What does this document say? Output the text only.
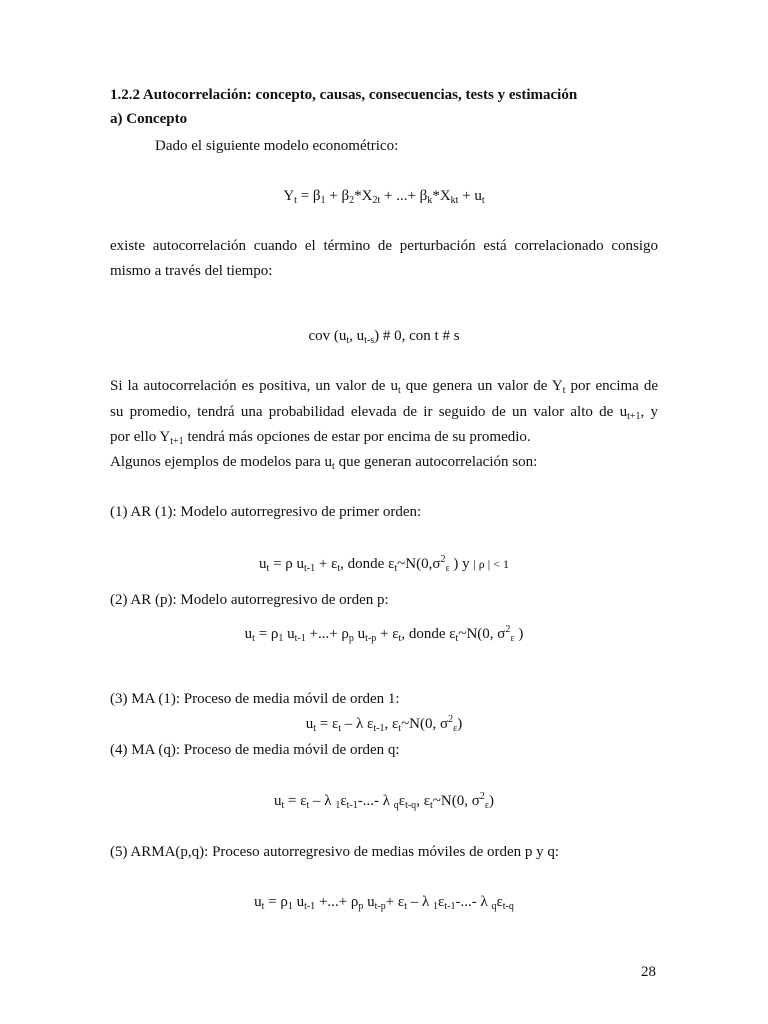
1.2.2 Autocorrelación: concepto, causas, consecuencias, tests y estimación
a) Concepto
Dado el siguiente modelo econométrico:
$Y_t = \beta_1 + \beta_2*X_{2t}$ + ...+ $\beta_k*X_{kt} + u_t$
existe autocorrelación cuando el término de perturbación está correlacionado consigo
mismo a través del tiempo:
cov ($u_t$, $u_{t-s}$) # 0, con t # s
Si la autocorrelación es positiva, un valor de $u_t$ que genera un valor de $Y_t$ por encima de
su promedio, tendrá una probabilidad elevada de ir seguido de un valor alto de $u_{t+1}$, y
por ello $Y_{t+1}$ tendrá más opciones de estar por encima de su promedio.
Algunos ejemplos de modelos para $u_t$ que generan autocorrelación son:
(1) AR (1): Modelo autorregresivo de primer orden:
$u_t = \rho$ $u_{t-1} + \varepsilon_t$, donde $\varepsilon_t\sim N(0,\sigma^2_\varepsilon$ ) y | ρ | < 1
(2) AR (p): Modelo autorregresivo de orden p:
$u_t = \rho_1$ $u_{t-1}$ +...+ $\rho_p$ $u_{t-p} + \varepsilon_t$, donde $\varepsilon_t\sim N(0$, $\sigma^2_\varepsilon$ )
(3) MA (1): Proceso de media móvil de orden 1:
$u_t = \varepsilon_t - \lambda$ $\varepsilon_{t-1}$, $\varepsilon_t\sim N(0$, $\sigma^2_\varepsilon$)
(4) MA (q): Proceso de media móvil de orden q:
$u_t = \varepsilon_t - \lambda$ $_1\varepsilon_{t-1}-...-$ λ $_q\varepsilon_{t-q}$, $\varepsilon_t\sim N(0$, $\sigma^2_\varepsilon$)
(5) ARMA(p,q): Proceso autorregresivo de medias móviles de orden p y q:
$u_t = \rho_1$ $u_{t-1}$ +...+ $\rho_p$ $u_{t-p}+ \varepsilon_t - \lambda$ $_1\varepsilon_{t-1}-...-$ λ $_q\varepsilon_{t-q}$
28
